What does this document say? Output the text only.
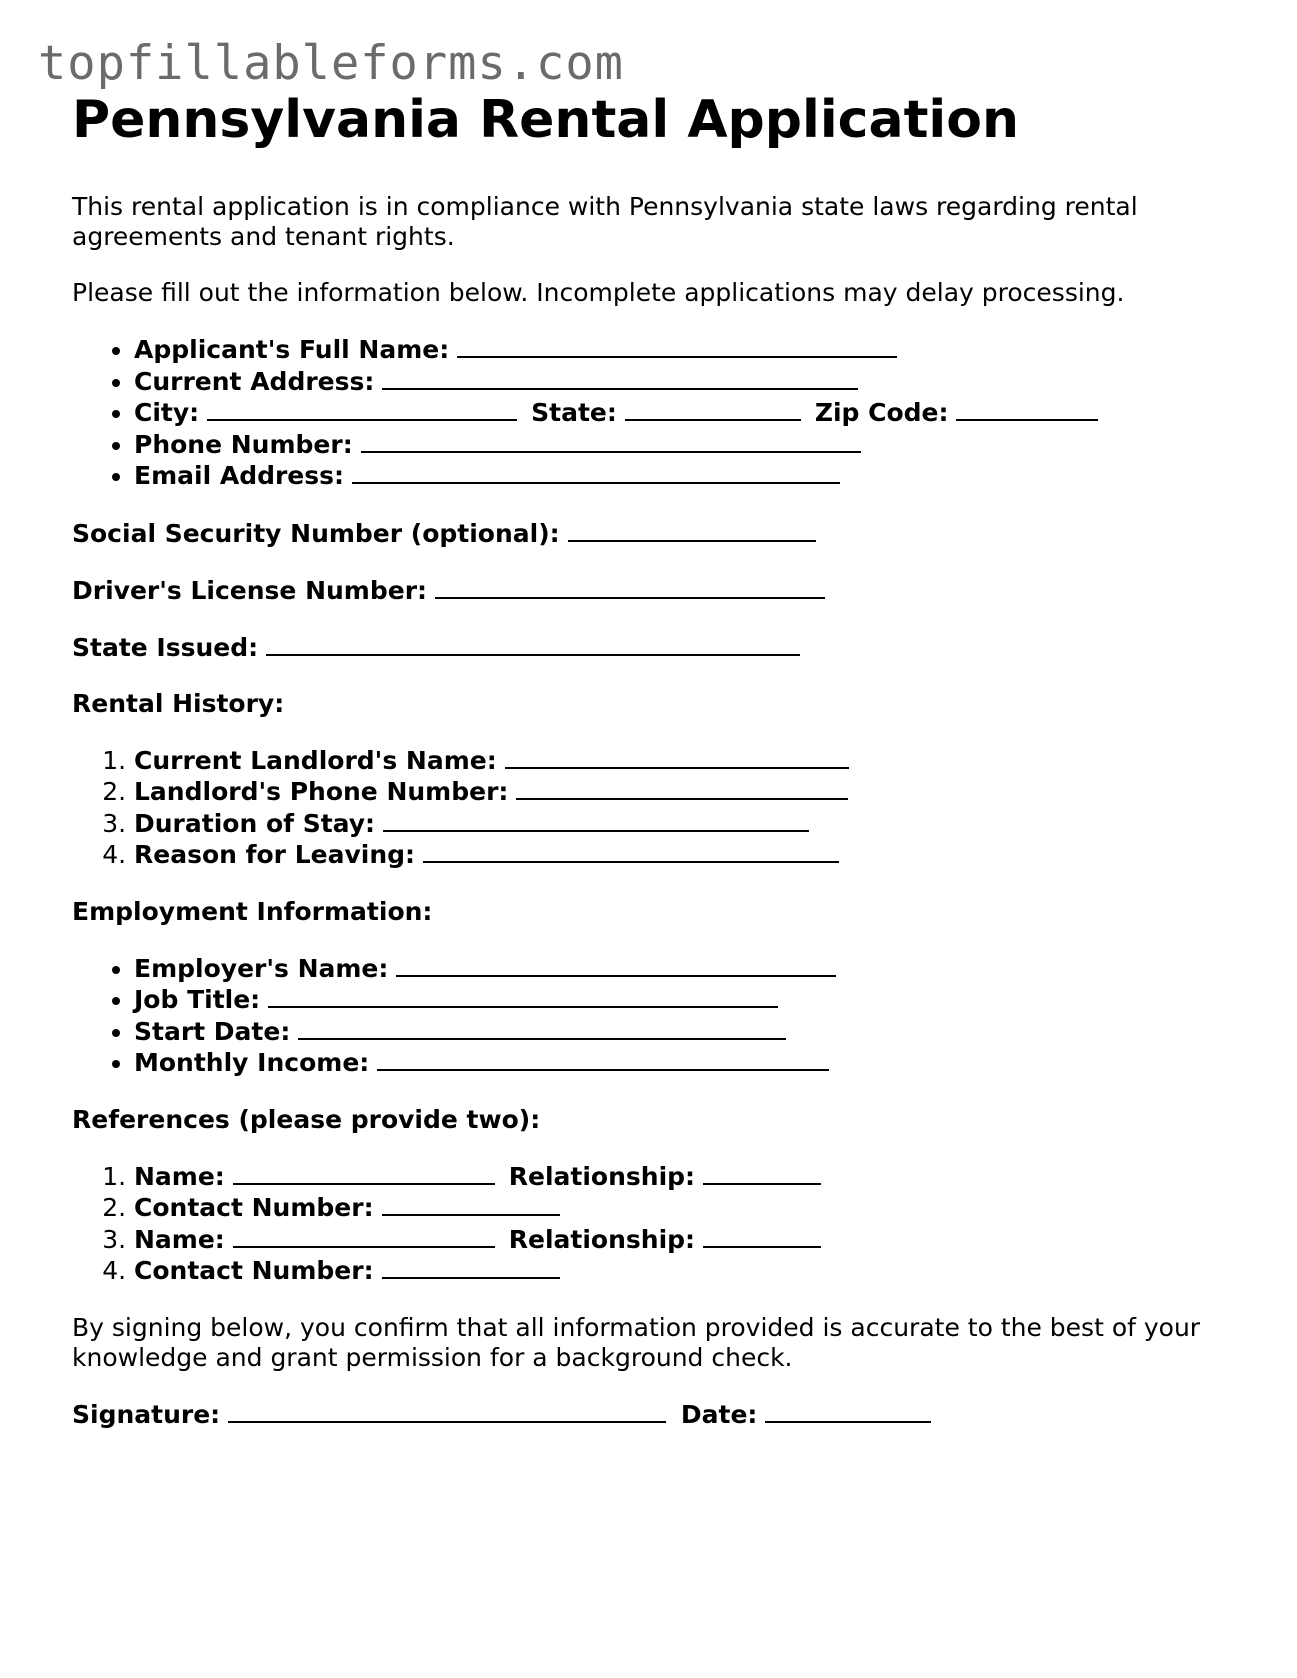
topfillableforms.com
Pennsylvania Rental Application

This rental application is in compliance with Pennsylvania state laws regarding rental agreements and tenant rights.

Please fill out the information below. Incomplete applications may delay processing.

• Applicant's Full Name:
• Current Address:
• City:	State:	Zip Code:
• Phone Number:
• Email Address:
Social Security Number (optional):
Driver's License Number:
State Issued:
Rental History:
1. Current Landlord's Name:
2. Landlord's Phone Number:
3. Duration of Stay:
4. Reason for Leaving:
Employment Information:
• Employer's Name:
• Job Title:
• Start Date:
• Monthly Income:
References (please provide two):
1. Name:	Relationship:
2. Contact Number:
3. Name:	Relationship:
4. Contact Number:

By signing below, you confirm that all information provided is accurate to the best of your knowledge and grant permission for a background check.

Signature:	Date:
